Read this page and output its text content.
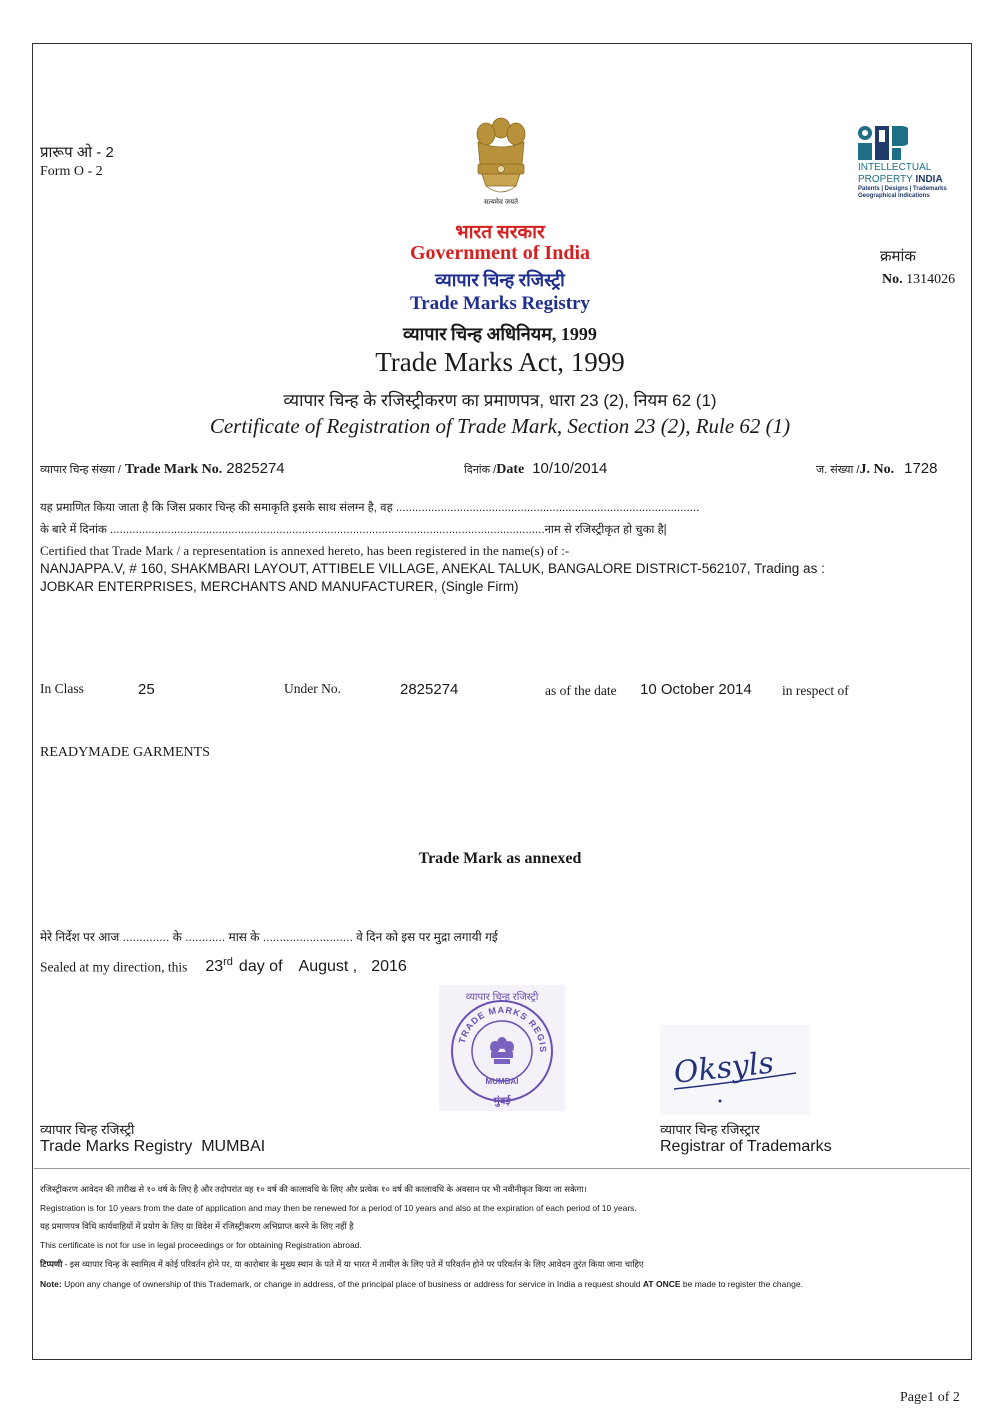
प्रारूप ओ - 2
Form O - 2
सत्यमेव जयते
INTELLECTUAL
PROPERTY INDIA
Patents | Designs | Trademarks
Geographical Indications
भारत सरकार
Government of India
व्यापार चिन्ह रजिस्ट्री
Trade Marks Registry
व्यापार चिन्ह अधिनियम, 1999
Trade Marks Act, 1999
व्यापार चिन्ह के रजिस्ट्रीकरण का प्रमाणपत्र, धारा 23 (2), नियम 62 (1)
Certificate of Registration of Trade Mark, Section 23 (2), Rule 62 (1)
क्रमांक
No. 1314026
व्यापार चिन्ह संख्या / Trade Mark No. 2825274	दिनांक /Date 10/10/2014	ज. संख्या /J. No. 1728
यह प्रमाणित किया जाता है कि जिस प्रकार चिन्ह की समाकृति इसके साथ संलग्न है, वह ...............................................................................................
के बारे में दिनांक ........................................................................................................................................नाम से रजिस्ट्रीकृत हो चुका है|
Certified that Trade Mark / a representation is annexed hereto, has been registered in the name(s) of :-
NANJAPPA.V, # 160, SHAKMBARI LAYOUT, ATTIBELE VILLAGE, ANEKAL TALUK, BANGALORE DISTRICT-562107, Trading as :
JOBKAR ENTERPRISES, MERCHANTS AND MANUFACTURER, (Single Firm)
In Class	25	Under No.	2825274	as of the date 10 October 2014 in respect of
READYMADE GARMENTS
Trade Mark as annexed
मेरे निर्देश पर आज .............. के ............ मास के ........................... वे दिन को इस पर मुद्रा लगायी गई
Sealed at my direction, this 23rd day of August , 2016
TRADE MARKS REGIS
व्यापार चिन्ह रजिस्ट्री
MUMBAI
मुंबई
Oksyls
व्यापार चिन्ह रजिस्ट्री
Trade Marks Registry  MUMBAI
व्यापार चिन्ह रजिस्ट्रार
Registrar of Trademarks
रजिस्ट्रीकरण आवेदन की तारीख से १० वर्ष के लिए है और तदोपरांत वह १० वर्ष की कालावधि के लिए और प्रत्येक १० वर्ष की कालावधि के अवसान पर भी नवीनीकृत किया जा सकेगा।
Registration is for 10 years from the date of application and may then be renewed for a period of 10 years and also at the expiration of each period of 10 years.
यह प्रमाणपत्र विधि कार्यवाहियों में प्रयोग के लिए या विदेश में रजिस्ट्रीकरण अभिप्राप्त करने के लिए नहीं है
This certificate is not for use in legal proceedings or for obtaining Registration abroad.
टिप्पणी - इस व्यापार चिन्ह के स्वामित्व में कोई परिवर्तन होने पर, या कारोबार के मुख्य स्थान के पते में या भारत में तामील के लिए पते में परिवर्तन होने पर परिवर्तन के लिए आवेदन तुरंत किया जाना चाहिए
Note: Upon any change of ownership of this Trademark, or change in address, of the principal place of business or address for service in India a request should AT ONCE be made to register the change.
Page1 of 2
